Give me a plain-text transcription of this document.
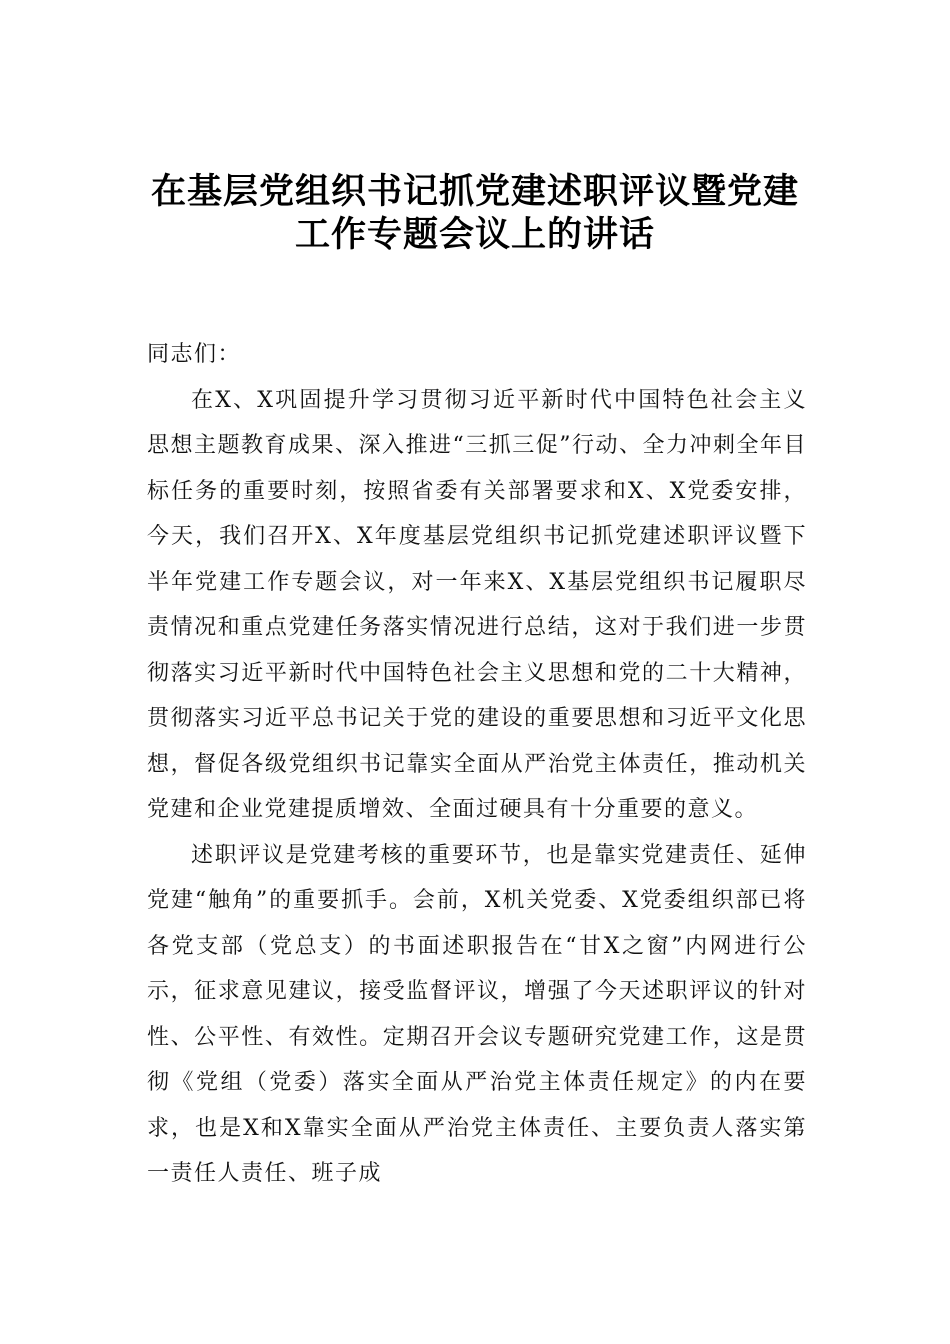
在基层党组织书记抓党建述职评议暨党建
工作专题会议上的讲话

同志们：

在X、X巩固提升学习贯彻习近平新时代中国特色社会主义思想主题教育成果、深入推进“三抓三促”行动、全力冲刺全年目标任务的重要时刻，按照省委有关部署要求和X、X党委安排，今天，我们召开X、X年度基层党组织书记抓党建述职评议暨下半年党建工作专题会议，对一年来X、X基层党组织书记履职尽责情况和重点党建任务落实情况进行总结，这对于我们进一步贯彻落实习近平新时代中国特色社会主义思想和党的二十大精神，贯彻落实习近平总书记关于党的建设的重要思想和习近平文化思想，督促各级党组织书记靠实全面从严治党主体责任，推动机关党建和企业党建提质增效、全面过硬具有十分重要的意义。

述职评议是党建考核的重要环节，也是靠实党建责任、延伸党建“触角”的重要抓手。会前，X机关党委、X党委组织部已将各党支部（党总支）的书面述职报告在“甘X之窗”内网进行公示，征求意见建议，接受监督评议，增强了今天述职评议的针对性、公平性、有效性。定期召开会议专题研究党建工作，这是贯彻《党组（党委）落实全面从严治党主体责任规定》的内在要求，也是X和X靠实全面从严治党主体责任、主要负责人落实第一责任人责任、班子成
